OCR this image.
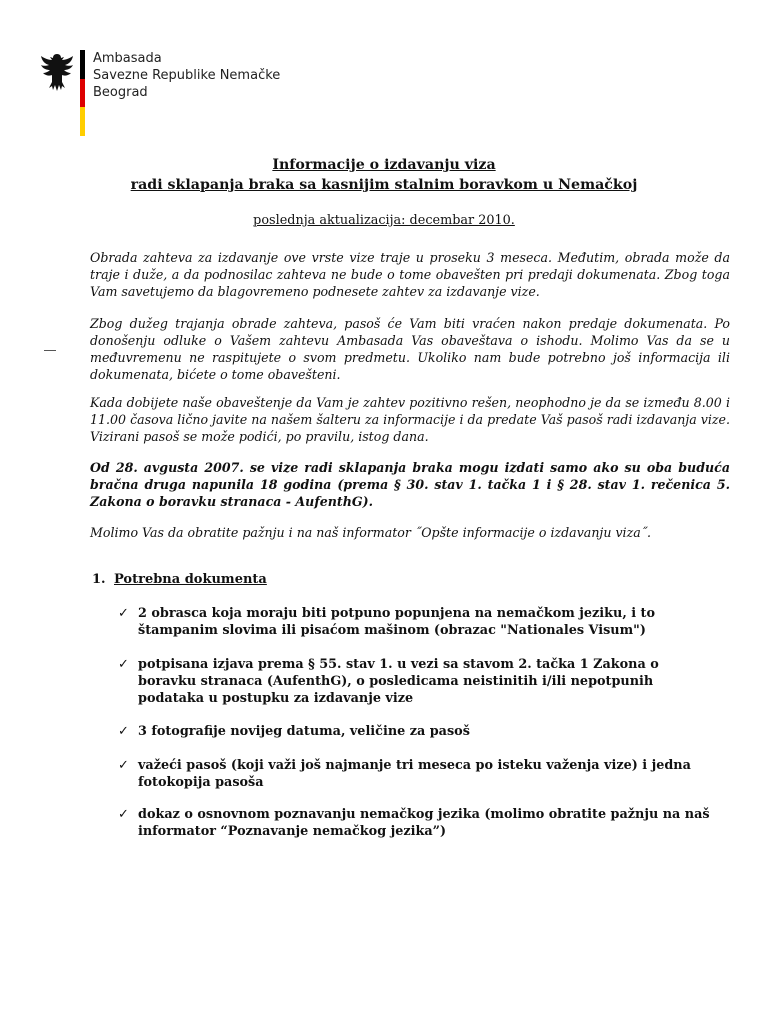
Ambasada
Savezne Republike Nemačke
Beograd
Informacije o izdavanju viza
radi sklapanja braka sa kasnijim stalnim boravkom u Nemačkoj
poslednja aktualizacija: decembar 2010.
Obrada zahteva za izdavanje ove vrste vize traje u proseku 3 meseca. Međutim, obrada može da traje i duže, a da podnosilac zahteva ne bude o tome obavešten pri predaji dokumenata. Zbog toga Vam savetujemo da blagovremeno podnesete zahtev za izdavanje vize.
Zbog dužeg trajanja obrade zahteva, pasoš će Vam biti vraćen nakon predaje dokumenata. Po donošenju odluke o Vašem zahtevu Ambasada Vas obaveštava o ishodu. Molimo Vas da se u međuvremenu ne raspitujete o svom predmetu. Ukoliko nam bude potrebno još informacija ili dokumenata, bićete o tome obavešteni.
Kada dobijete naše obaveštenje da Vam je zahtev pozitivno rešen, neophodno je da se između 8.00 i 11.00 časova lično javite na našem šalteru za informacije i da predate Vaš pasoš radi izdavanja vize. Vizirani pasoš se može podići, po pravilu, istog dana.
Od 28. avgusta 2007. se vize radi sklapanja braka mogu izdati samo ako su oba buduća bračna druga napunila 18 godina (prema § 30. stav 1. tačka 1 i § 28. stav 1. rečenica 5. Zakona o boravku stranaca - AufenthG).
Molimo Vas da obratite pažnju i na naš informator ˝Opšte informacije o izdavanju viza˝.
1. Potrebna dokumenta
✓ 2 obrasca koja moraju biti potpuno popunjena na nemačkom jeziku, i to štampanim slovima ili pisaćom mašinom (obrazac "Nationales Visum")
✓ potpisana izjava prema § 55. stav 1. u vezi sa stavom 2. tačka 1 Zakona o boravku stranaca (AufenthG), o posledicama neistinitih i/ili nepotpunih podataka u postupku za izdavanje vize
✓ 3 fotografije novijeg datuma, veličine za pasoš
✓ važeći pasoš (koji važi još najmanje tri meseca po isteku važenja vize) i jedna fotokopija pasoša
✓ dokaz o osnovnom poznavanju nemačkog jezika (molimo obratite pažnju na naš informator “Poznavanje nemačkog jezika”)
